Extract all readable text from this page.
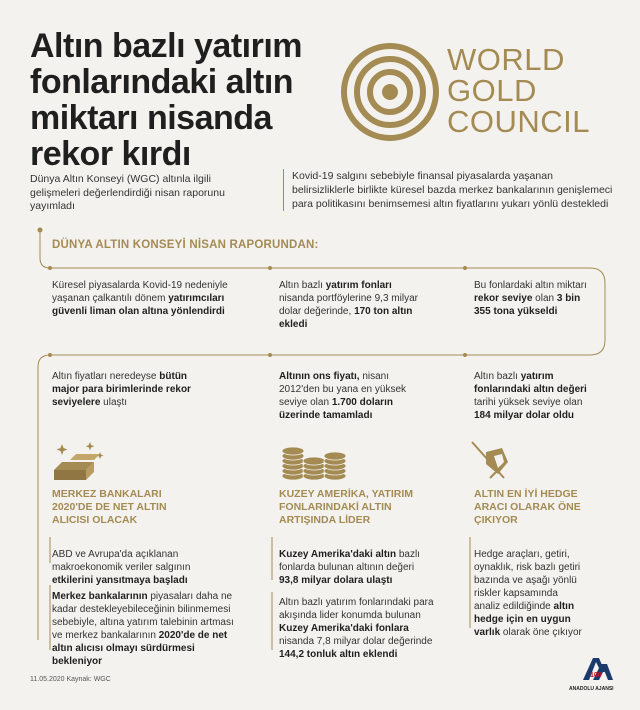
Altın bazlı yatırım fonlarındaki altın miktarı nisanda rekor kırdı
Dünya Altın Konseyi (WGC) altınla ilgili gelişmeleri değerlendirdiği nisan raporunu yayımladı
WORLD
GOLD
COUNCIL
Kovid-19 salgını sebebiyle finansal piyasalarda yaşanan belirsizliklerle birlikte küresel bazda merkez bankalarının genişlemeci para politikasını benimsemesi altın fiyatlarını yukarı yönlü destekledi
DÜNYA ALTIN KONSEYİ NİSAN RAPORUNDAN:
Küresel piyasalarda Kovid-19 nedeniyle yaşanan çalkantılı dönem yatırımcıları güvenli liman olan altına yönlendirdi
Altın bazlı yatırım fonları nisanda portföylerine 9,3 milyar dolar değerinde, 170 ton altın ekledi
Bu fonlardaki altın miktarı rekor seviye olan 3 bin 355 tona yükseldi
Altın fiyatları neredeyse bütün major para birimlerinde rekor seviyelere ulaştı
Altının ons fiyatı, nisanı 2012'den bu yana en yüksek seviye olan 1.700 doların üzerinde tamamladı
Altın bazlı yatırım fonlarındaki altın değeri tarihi yüksek seviye olan 184 milyar dolar oldu
MERKEZ BANKALARI 2020'DE DE NET ALTIN ALICISI OLACAK
ABD ve Avrupa'da açıklanan makroekonomik veriler salgının etkilerini yansıtmaya başladı
Merkez bankalarının piyasaları daha ne kadar destekleyebileceğinin bilinmemesi sebebiyle, altına yatırım talebinin artması ve merkez bankalarının 2020'de de net altın alıcısı olmayı sürdürmesi bekleniyor
KUZEY AMERİKA, YATIRIM FONLARINDAKİ ALTIN ARTIŞINDA LİDER
Kuzey Amerika'daki altın bazlı fonlarda bulunan altının değeri 93,8 milyar dolara ulaştı
Altın bazlı yatırım fonlarındaki para akışında lider konumda bulunan Kuzey Amerika'daki fonlara nisanda 7,8 milyar dolar değerinde 144,2 tonluk altın eklendi
ALTIN EN İYİ HEDGE ARACI OLARAK ÖNE ÇIKIYOR
Hedge araçları, getiri, oynaklık, risk bazlı getiri bazında ve aşağı yönlü riskler kapsamında analiz edildiğinde altın hedge için en uygun varlık olarak öne çıkıyor
11.05.2020 Kaynak: WGC
100
ANADOLU AJANSI
